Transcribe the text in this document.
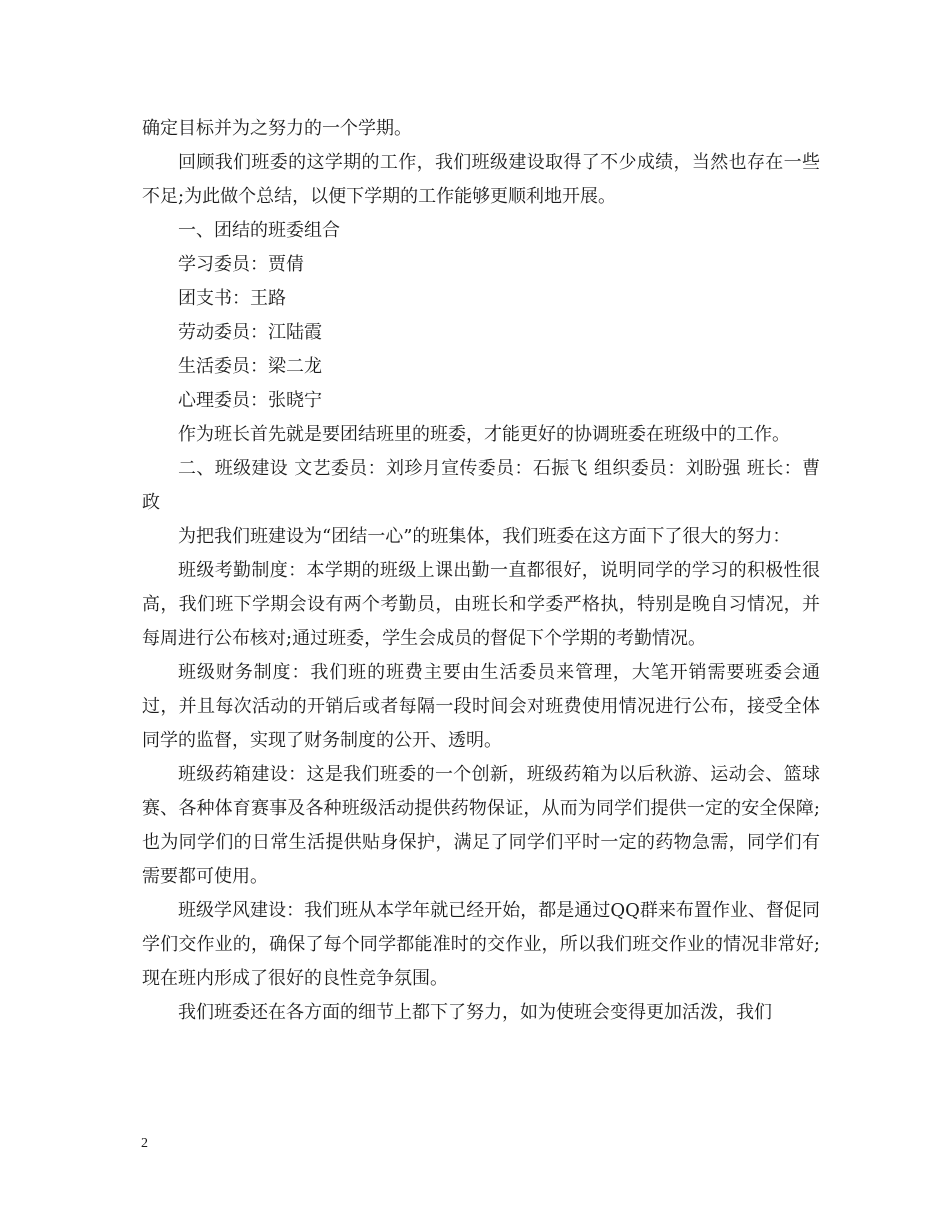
确定目标并为之努力的一个学期。

回顾我们班委的这学期的工作，我们班级建设取得了不少成绩，当然也存在一些不足;为此做个总结，以便下学期的工作能够更顺利地开展。

一、团结的班委组合

学习委员：贾倩

团支书：王路

劳动委员：江陆霞

生活委员：梁二龙

心理委员：张晓宁

作为班长首先就是要团结班里的班委，才能更好的协调班委在班级中的工作。

二、班级建设 文艺委员：刘珍月宣传委员：石振飞 组织委员：刘盼强 班长：曹政

为把我们班建设为“团结一心”的班集体，我们班委在这方面下了很大的努力：

班级考勤制度：本学期的班级上课出勤一直都很好，说明同学的学习的积极性很高，我们班下学期会设有两个考勤员，由班长和学委严格执，特别是晚自习情况，并每周进行公布核对;通过班委，学生会成员的督促下个学期的考勤情况。

班级财务制度：我们班的班费主要由生活委员来管理，大笔开销需要班委会通过，并且每次活动的开销后或者每隔一段时间会对班费使用情况进行公布，接受全体同学的监督，实现了财务制度的公开、透明。

班级药箱建设：这是我们班委的一个创新，班级药箱为以后秋游、运动会、篮球赛、各种体育赛事及各种班级活动提供药物保证，从而为同学们提供一定的安全保障;也为同学们的日常生活提供贴身保护，满足了同学们平时一定的药物急需，同学们有需要都可使用。

班级学风建设：我们班从本学年就已经开始，都是通过QQ群来布置作业、督促同学们交作业的，确保了每个同学都能准时的交作业，所以我们班交作业的情况非常好;现在班内形成了很好的良性竞争氛围。

我们班委还在各方面的细节上都下了努力，如为使班会变得更加活泼，我们

2
